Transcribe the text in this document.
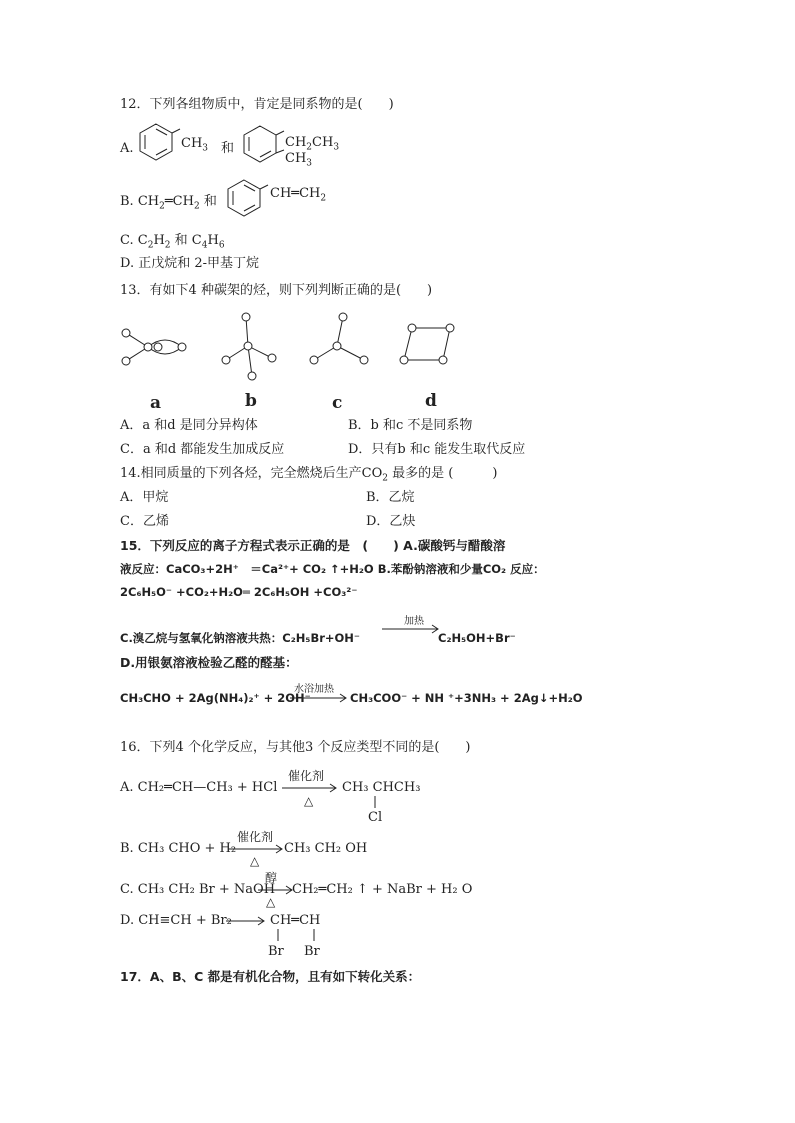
12．下列各组物质中，肯定是同系物的是(　　)
A.	$CH_3$ 和	$CH_2CH_3$
$CH_3$
B. $CH_2═CH_2$ 和
$CH═CH_2$
C. $C_2H_2$ 和 $C_4H_6$
D. 正戊烷和 2-甲基丁烷
13．有如下4 种碳架的烃，则下列判断正确的是(　　)
a	b	c	d
A．a 和d 是同分异构体	B．b 和c 不是同系物
C．a 和d 都能发生加成反应	D．只有b 和c 能发生取代反应
14.相同质量的下列各烃，完全燃烧后生产$CO_2$ 最多的是 (　　　)
A．甲烷	B．乙烷
C．乙烯	D．乙炔
15．下列反应的离子方程式表示正确的是　(　　) A.碳酸钙与醋酸溶
液反应：CaCO₃+2H⁺　＝Ca²⁺+ CO₂ ↑+H₂O B.苯酚钠溶液和少量CO₂ 反应：
2C₆H₅O⁻ +CO₂+H₂O═ 2C₆H₅OH +CO₃²⁻
C.溴乙烷与氢氧化钠溶液共热：C₂H₅Br+OH⁻
加热
C₂H₅OH+Br⁻
D.用银氨溶液检验乙醛的醛基：
CH₃CHO + 2Ag(NH₄)₂⁺ + 2OH⁻
水浴加热
CH₃COO⁻ + NH ⁺+3NH₃ + 2Ag↓+H₂O
16．下列4 个化学反应，与其他3 个反应类型不同的是(　　)
A. CH₂═CH—CH₃ + HCl
催化剂
△
CH₃ CHCH₃
Cl
B. CH₃ CHO + H₂
催化剂
△
CH₃ CH₂ OH
C. CH₃ CH₂ Br + NaOH
醇
△
CH₂═CH₂ ↑ + NaBr + H₂ O
D. CH≡CH + Br₂	CH═CH
Br Br
17．A、B、C 都是有机化合物，且有如下转化关系：
